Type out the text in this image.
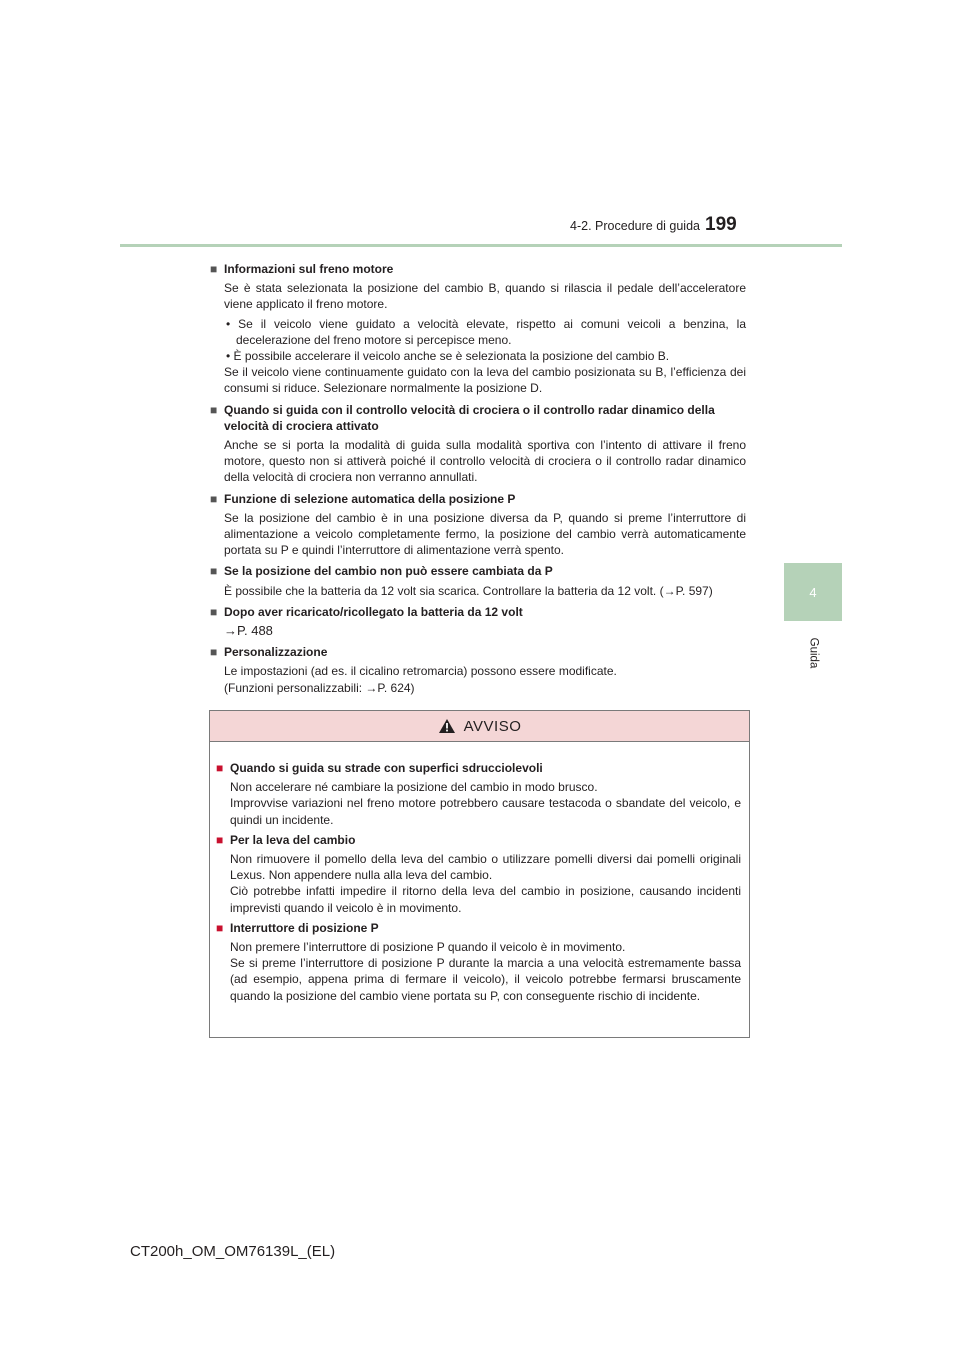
4-2. Procedure di guida 199
4
Guida
■ Informazioni sul freno motore
Se è stata selezionata la posizione del cambio B, quando si rilascia il pedale dell’acceleratore viene applicato il freno motore.
• Se il veicolo viene guidato a velocità elevate, rispetto ai comuni veicoli a benzina, la decelerazione del freno motore si percepisce meno.
• È possibile accelerare il veicolo anche se è selezionata la posizione del cambio B.
Se il veicolo viene continuamente guidato con la leva del cambio posizionata su B, l’efficienza dei consumi si riduce. Selezionare normalmente la posizione D.
■ Quando si guida con il controllo velocità di crociera o il controllo radar dinamico della velocità di crociera attivato
Anche se si porta la modalità di guida sulla modalità sportiva con l’intento di attivare il freno motore, questo non si attiverà poiché il controllo velocità di crociera o il controllo radar dinamico della velocità di crociera non verranno annullati.
■ Funzione di selezione automatica della posizione P
Se la posizione del cambio è in una posizione diversa da P, quando si preme l’interruttore di alimentazione a veicolo completamente fermo, la posizione del cambio verrà automaticamente portata su P e quindi l’interruttore di alimentazione verrà spento.
■ Se la posizione del cambio non può essere cambiata da P
È possibile che la batteria da 12 volt sia scarica. Controllare la batteria da 12 volt. (→P. 597)
■ Dopo aver ricaricato/ricollegato la batteria da 12 volt
→P. 488
■ Personalizzazione
Le impostazioni (ad es. il cicalino retromarcia) possono essere modificate.
(Funzioni personalizzabili: →P. 624)
AVVISO
■ Quando si guida su strade con superfici sdrucciolevoli
Non accelerare né cambiare la posizione del cambio in modo brusco.
Improvvise variazioni nel freno motore potrebbero causare testacoda o sbandate del veicolo, e quindi un incidente.
■ Per la leva del cambio
Non rimuovere il pomello della leva del cambio o utilizzare pomelli diversi dai pomelli originali Lexus. Non appendere nulla alla leva del cambio.
Ciò potrebbe infatti impedire il ritorno della leva del cambio in posizione, causando incidenti imprevisti quando il veicolo è in movimento.
■ Interruttore di posizione P
Non premere l’interruttore di posizione P quando il veicolo è in movimento.
Se si preme l’interruttore di posizione P durante la marcia a una velocità estremamente bassa (ad esempio, appena prima di fermare il veicolo), il veicolo potrebbe fermarsi bruscamente quando la posizione del cambio viene portata su P, con conseguente rischio di incidente.
CT200h_OM_OM76139L_(EL)
